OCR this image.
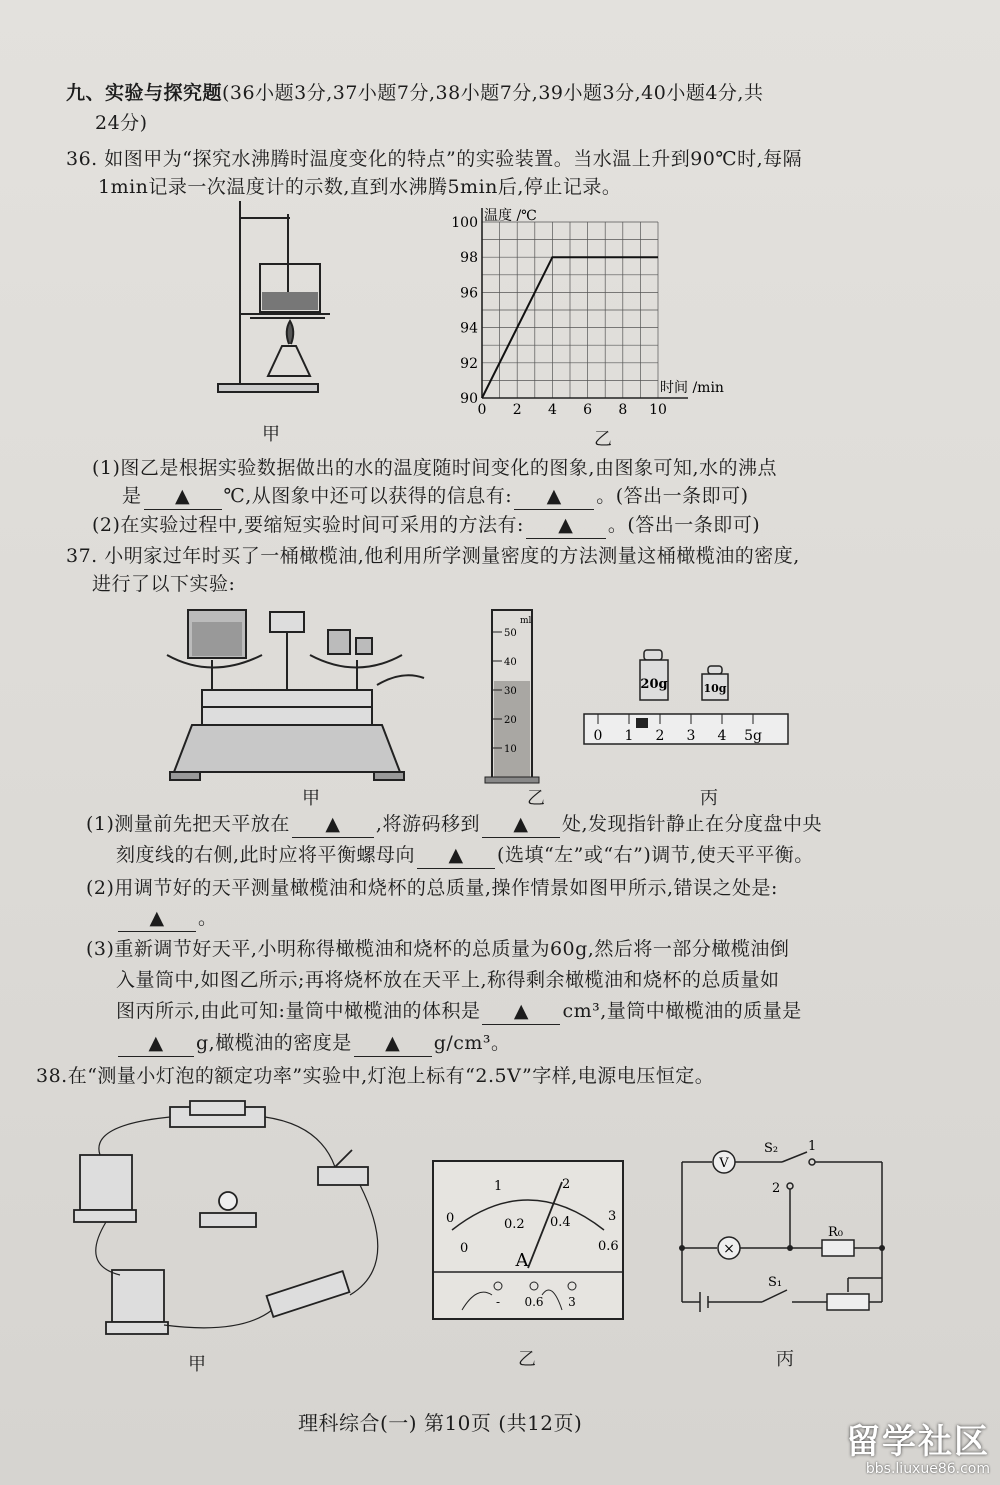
九、实验与探究题(36小题3分,37小题7分,38小题7分,39小题3分,40小题4分,共
24分)
36. 如图甲为“探究水沸腾时温度变化的特点”的实验装置。当水温上升到90℃时,每隔
1min记录一次温度计的示数,直到水沸腾5min后,停止记录。
甲
0 2 4 6 8 10
90
92
94
96
98
100 温度 /℃
时间 /min
乙
(1)图乙是根据实验数据做出的水的温度随时间变化的图象,由图象可知,水的沸点
是 ▲ ℃,从图象中还可以获得的信息有: ▲ 。(答出一条即可)
(2)在实验过程中,要缩短实验时间可采用的方法有: ▲ 。(答出一条即可)
37. 小明家过年时买了一桶橄榄油,他利用所学测量密度的方法测量这桶橄榄油的密度,
进行了以下实验:
甲
ml
50
40
30
20
10
乙
20g	10g
0 1 2 3 4 5g
丙
(1)测量前先把天平放在 ▲ ,将游码移到 ▲ 处,发现指针静止在分度盘中央
刻度线的右侧,此时应将平衡螺母向 ▲ (选填“左”或“右”)调节,使天平平衡。
(2)用调节好的天平测量橄榄油和烧杯的总质量,操作情景如图甲所示,错误之处是:
▲ 。
(3)重新调节好天平,小明称得橄榄油和烧杯的总质量为60g,然后将一部分橄榄油倒
入量筒中,如图乙所示;再将烧杯放在天平上,称得剩余橄榄油和烧杯的总质量如
图丙所示,由此可知:量筒中橄榄油的体积是 ▲ cm³,量筒中橄榄油的质量是
▲ g,橄榄油的密度是 ▲ g/cm³。
38.在“测量小灯泡的额定功率”实验中,灯泡上标有“2.5V”字样,电源电压恒定。
甲
0
1	2
3
0
0.2 0.4
0.6
A
- 0.6 3
乙
V
×
S₂ 1
2
R₀
S₁
丙
理科综合(一) 第10页 (共12页)	留学社区
bbs.liuxue86.com
